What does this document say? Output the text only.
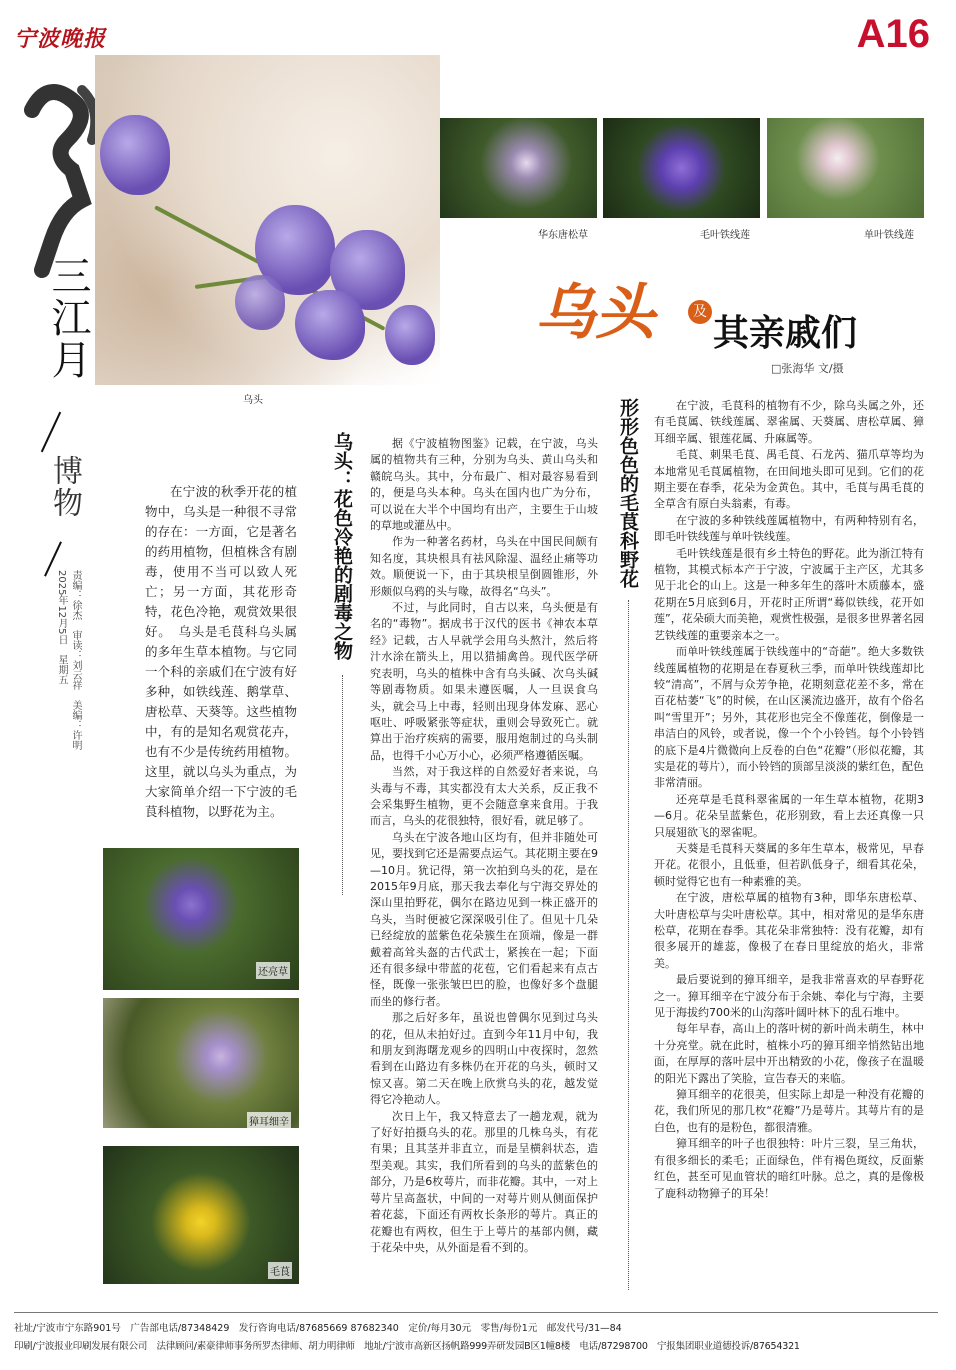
宁波晚报	A16
三江月
博物
责编：徐杰　审读：刘云祥　美编：许明
2025年12月5日　星期五
乌头
华东唐松草	毛叶铁线莲	单叶铁线莲
乌头	及
其亲戚们
□张海华 文/摄

在宁波的秋季开花的植物中，乌头是一种很不寻常的存在：一方面，它是著名的药用植物，但植株含有剧毒，使用不当可以致人死亡；另一方面，其花形奇特，花色冷艳，观赏效果很好。　乌头是毛茛科乌头属的多年生草本植物。与它同一个科的亲戚们在宁波有好多种，如铁线莲、鹅掌草、唐松草、天葵等。这些植物中，有的是知名观赏花卉，也有不少是传统药用植物。这里，就以乌头为重点，为大家简单介绍一下宁波的毛茛科植物，以野花为主。

还亮草
獐耳细辛
毛茛
乌头：花色冷艳的剧毒之物	据《宁波植物图鉴》记载，在宁波，乌头属的植物共有三种，分别为乌头、黄山乌头和赣皖乌头。其中，分布最广、相对最容易看到的，便是乌头本种。乌头在国内也广为分布，可以说在大半个中国均有出产，主要生于山坡的草地或灌丛中。

作为一种著名药材，乌头在中国民间颇有知名度，其块根具有祛风除湿、温经止痛等功效。顺便说一下，由于其块根呈倒圆锥形，外形颇似乌鸦的头与喙，故得名“乌头”。

不过，与此同时，自古以来，乌头便是有名的“毒物”。据成书于汉代的医书《神农本草经》记载，古人早就学会用乌头熬汁，然后将汁水涂在箭头上，用以猎捕禽兽。现代医学研究表明，乌头的植株中含有乌头碱、次乌头碱等剧毒物质。如果未遵医嘱，人一旦误食乌头，就会马上中毒，轻则出现身体发麻、恶心呕吐、呼吸紧张等症状，重则会导致死亡。就算出于治疗疾病的需要，服用炮制过的乌头制品，也得千小心万小心，必须严格遵循医嘱。

当然，对于我这样的自然爱好者来说，乌头毒与不毒，其实都没有太大关系，反正我不会采集野生植物，更不会随意拿来食用。于我而言，乌头的花很独特，很好看，就足够了。

乌头在宁波各地山区均有，但并非随处可见，要找到它还是需要点运气。其花期主要在9—10月。犹记得，第一次拍到乌头的花，是在2015年9月底，那天我去奉化与宁海交界处的深山里拍野花，偶尔在路边见到一株正盛开的乌头，当时便被它深深吸引住了。但见十几朵已经绽放的蓝紫色花朵簇生在顶端，像是一群戴着高耸头盔的古代武士，紧挨在一起；下面还有很多绿中带蓝的花苞，它们看起来有点古怪，既像一张张皱巴巴的脸，也像好多个盘腿而坐的修行者。

那之后好多年，虽说也曾偶尔见到过乌头的花，但从未拍好过。直到今年11月中旬，我和朋友到海曙龙观乡的四明山中夜探时，忽然看到在山路边有多株仍在开花的乌头，顿时又惊又喜。第二天在晚上欣赏乌头的花，越发觉得它冷艳动人。

次日上午，我又特意去了一趟龙观，就为了好好拍摄乌头的花。那里的几株乌头，有花有果；且其茎并非直立，而是呈横斜状态，造型美观。其实，我们所看到的乌头的蓝紫色的部分，乃是6枚萼片，而非花瓣。其中，一对上萼片呈高盔状，中间的一对萼片则从侧面保护着花蕊，下面还有两枚长条形的萼片。真正的花瓣也有两枚，但生于上萼片的基部内侧，藏于花朵中央，从外面是看不到的。

形形色色的毛茛科野花	在宁波，毛茛科的植物有不少，除乌头属之外，还有毛茛属、铁线莲属、翠雀属、天葵属、唐松草属、獐耳细辛属、银莲花属、升麻属等。

毛茛、刺果毛茛、禺毛茛、石龙芮、猫爪草等均为本地常见毛茛属植物，在田间地头即可见到。它们的花期主要在春季，花朵为金黄色。其中，毛茛与禺毛茛的全草含有原白头翁素，有毒。

在宁波的多种铁线莲属植物中，有两种特别有名，即毛叶铁线莲与单叶铁线莲。

毛叶铁线莲是很有乡土特色的野花。此为浙江特有植物，其模式标本产于宁波，宁波属于主产区，尤其多见于北仑的山上。这是一种多年生的落叶木质藤本，盛花期在5月底到6月，开花时正所谓“蓦似铁线，花开如莲”，花朵硕大而美艳，观赏性极强，是很多世界著名园艺铁线莲的重要亲本之一。

而单叶铁线莲属于铁线莲中的“奇葩”。绝大多数铁线莲属植物的花期是在春夏秋三季，而单叶铁线莲却比较“清高”，不屑与众芳争艳，花期刻意花差不多，常在百花枯萎“飞”的时候，在山区溪流边盛开，故有个俗名叫“雪里开”；另外，其花形也完全不像莲花，倒像是一串洁白的风铃，或者说，像一个个小铃铛。每个小铃铛的底下是4片微微向上反卷的白色“花瓣”（形似花瓣，其实是花的萼片），而小铃铛的顶部呈淡淡的紫红色，配色非常清丽。

还亮草是毛茛科翠雀属的一年生草本植物，花期3—6月。花朵呈蓝紫色，花形别致，看上去还真像一只只展翅欲飞的翠雀呢。

天葵是毛茛科天葵属的多年生草本，极常见，早春开花。花很小，且低垂，但若趴低身子，细看其花朵，顿时觉得它也有一种素雅的美。

在宁波，唐松草属的植物有3种，即华东唐松草、大叶唐松草与尖叶唐松草。其中，相对常见的是华东唐松草，花期在春季。其花朵非常独特：没有花瓣，却有很多展开的雄蕊，像极了在春日里绽放的焰火，非常美。

最后要说到的獐耳细辛，是我非常喜欢的早春野花之一。獐耳细辛在宁波分布于余姚、奉化与宁海，主要见于海拔约700米的山沟落叶阔叶林下的乱石堆中。

每年早春，高山上的落叶树的新叶尚未萌生，林中十分亮堂。就在此时，植株小巧的獐耳细辛悄然钻出地面，在厚厚的落叶层中开出精致的小花，像孩子在温暖的阳光下露出了笑脸，宣告春天的来临。

獐耳细辛的花很美，但实际上却是一种没有花瓣的花，我们所见的那几枚“花瓣”乃是萼片。其萼片有的是白色，也有的是粉色，都很清雅。

獐耳细辛的叶子也很独特：叶片三裂，呈三角状，有很多细长的柔毛；正面绿色，伴有褐色斑纹，反面紫红色，甚至可见血管状的暗红叶脉。总之，真的是像极了鹿科动物獐子的耳朵！

社址/宁波市宁东路901号　广告部电话/87348429　发行咨询电话/87685669 87682340　定价/每月30元　零售/每份1元　邮发代号/31—84
印刷/宁波报业印刷发展有限公司　法律顾问/素豪律师事务所罗杰律师、胡力明律师　地址/宁波市高新区扬帆路999弄研发园B区1幢8楼　电话/87298700　宁报集团职业道德投诉/87654321
